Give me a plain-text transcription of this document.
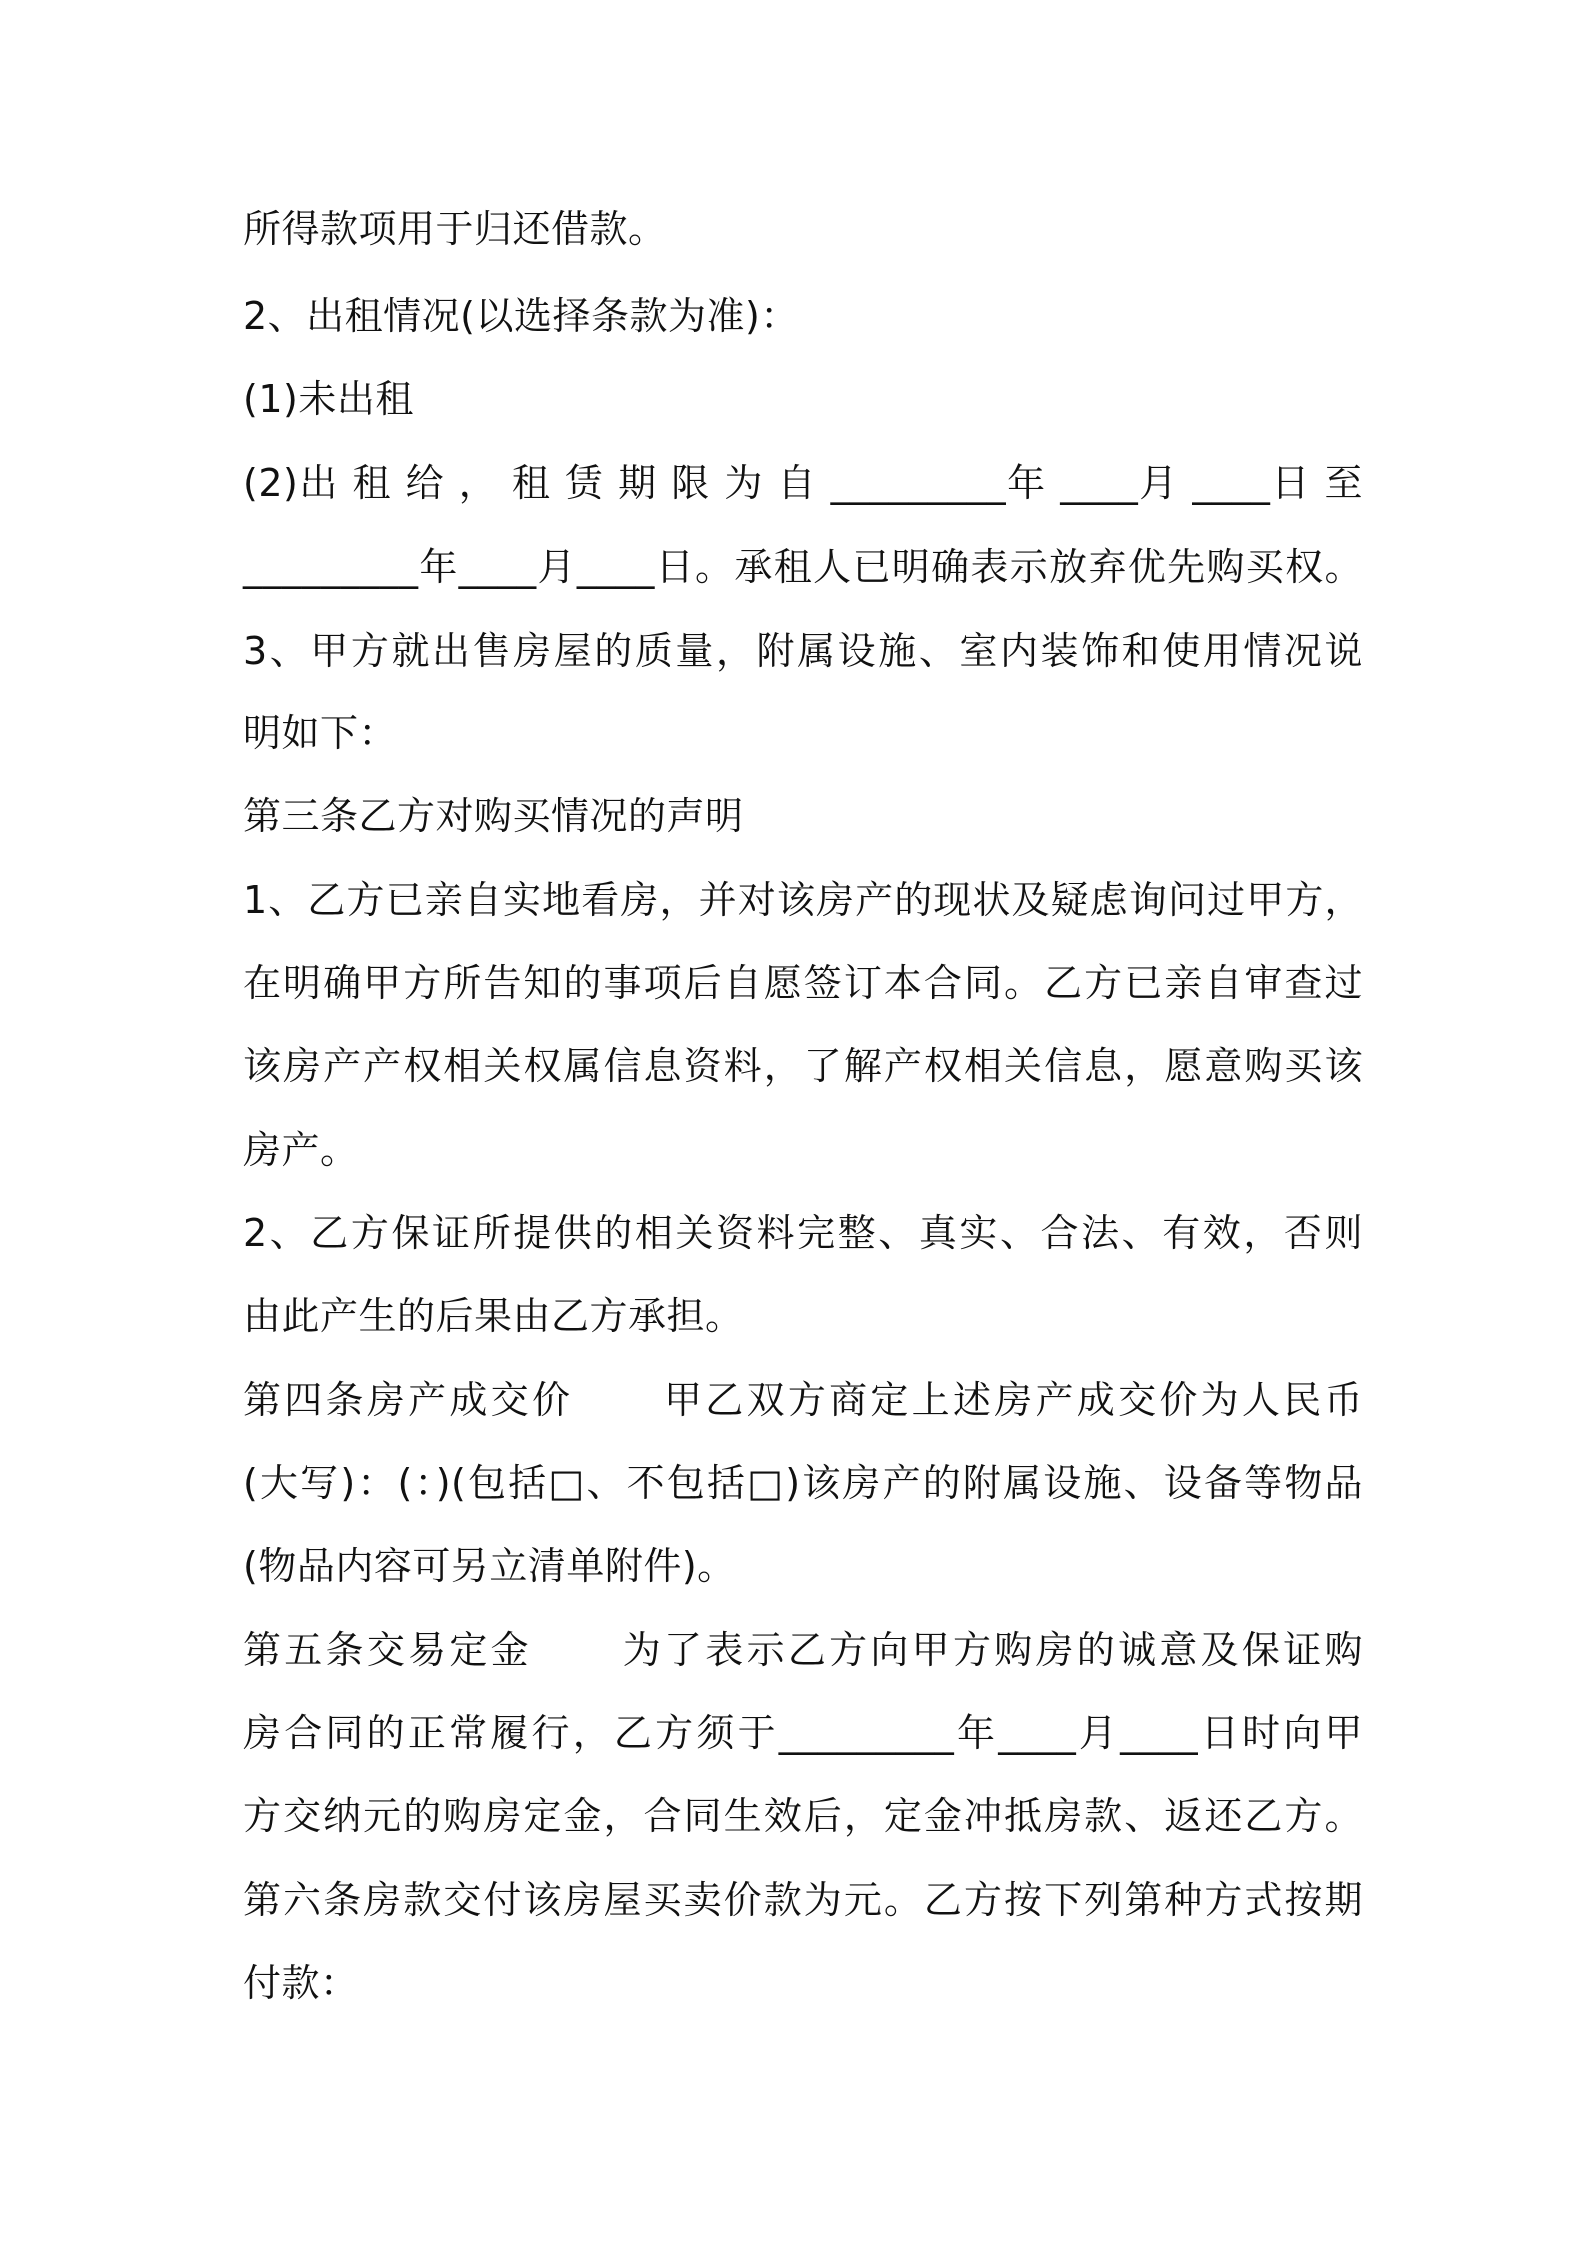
所得款项用于归还借款。
2、出租情况(以选择条款为准)：
(1)未出租
(2)出 租 给 ， 租 赁 期 限 为 自 _________年 ____月 ____日 至
_________年____月____日。承租人已明确表示放弃优先购买权。
3、甲方就出售房屋的质量，附属设施、室内装饰和使用情况说
明如下：
第三条乙方对购买情况的声明
1、乙方已亲自实地看房，并对该房产的现状及疑虑询问过甲方，
在明确甲方所告知的事项后自愿签订本合同。乙方已亲自审查过
该房产产权相关权属信息资料，了解产权相关信息，愿意购买该
房产。
2、乙方保证所提供的相关资料完整、真实、合法、有效，否则
由此产生的后果由乙方承担。
第四条房产成交价 甲乙双方商定上述房产成交价为人民币
(大写)：(：)(包括□、不包括□)该房产的附属设施、设备等物品
(物品内容可另立清单附件)。
第五条交易定金 为了表示乙方向甲方购房的诚意及保证购
房合同的正常履行，乙方须于_________年____月____日时向甲
方交纳元的购房定金，合同生效后，定金冲抵房款、返还乙方。
第六条房款交付该房屋买卖价款为元。乙方按下列第种方式按期
付款：
